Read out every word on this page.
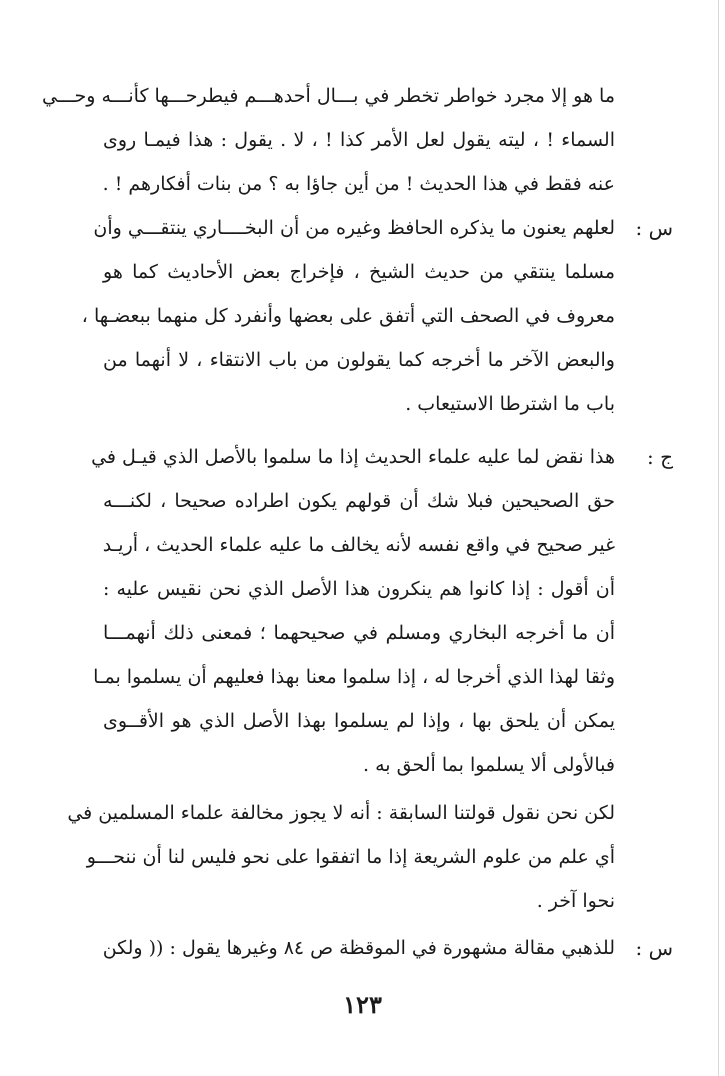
ما هو إلا مجرد خواطر تخطر في بـــال أحدهـــم فيطرحـــها كأنـــه وحـــي
السماء ! ، ليته يقول لعل الأمر كذا ! ، لا . يقول : هذا فيمـا روى
عنه فقط في هذا الحديث ! من أين جاؤا به ؟ من بنات أفكارهم ! .
س :
لعلهم يعنون ما يذكره الحافظ وغيره من أن البخــــاري ينتقـــي وأن
مسلما ينتقي من حديث الشيخ ، فإخراج بعض الأحاديث كما هو
معروف في الصحف التي أتفق على بعضها وأنفرد كل منهما ببعضـها ،
والبعض الآخر ما أخرجه كما يقولون من باب الانتقاء ، لا أنهما من
باب ما اشترطا الاستيعاب .
ج :
هذا نقض لما عليه علماء الحديث إذا ما سلموا بالأصل الذي قيـل في
حق الصحيحين فبلا شك أن قولهم يكون اطراده صحيحا ، لكنـــه
غير صحيح في واقع نفسه لأنه يخالف ما عليه علماء الحديث ، أريـد
أن أقول : إذا كانوا هم ينكرون هذا الأصل الذي نحن نقيس عليه :
أن ما أخرجه البخاري ومسلم في صحيحهما ؛ فمعنى ذلك أنهمـــا
وثقا لهذا الذي أخرجا له ، إذا سلموا معنا بهذا فعليهم أن يسلموا بمـا
يمكن أن يلحق بها ، وإذا لم يسلموا بهذا الأصل الذي هو الأقــوى
فبالأولى ألا يسلموا بما ألحق به .
لكن نحن نقول قولتنا السابقة : أنه لا يجوز مخالفة علماء المسلمين في
أي علم من علوم الشريعة إذا ما اتفقوا على نحو فليس لنا أن ننحـــو
نحوا آخر .
س :
للذهبي مقالة مشهورة في الموقظة ص ٨٤ وغيرها يقول : (( ولكن
١٢٣
